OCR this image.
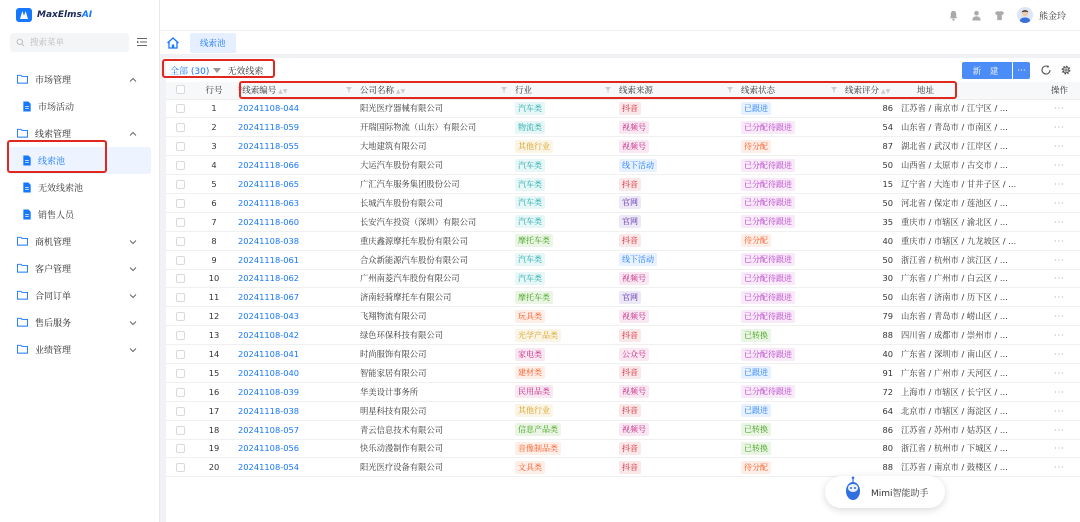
MaxElmsAI
搜索菜单
市场管理
市场活动
线索管理
线索池
无效线索池
销售人员
商机管理
客户管理
合同订单
售后服务
业绩管理
熊金玲
线索池
全部 (30) 无效线索	新 建	···
	行号	*线索编号 ▲▼	公司名称 ▲▼	行业	线索来源	线索状态	线索评分 ▲▼	地址	操作
	1	20241108-044	阳光医疗器械有限公司	汽车类	抖音	已跟进	86	江苏省 / 南京市 / 江宁区 / ...	···
	2	20241118-059	开瑞国际物流（山东）有限公司	物流类	视频号	已分配待跟进	54	山东省 / 青岛市 / 市南区 / ...	···
	3	20241118-055	大地建筑有限公司	其他行业	视频号	待分配	87	湖北省 / 武汉市 / 江岸区 / ...	···
	4	20241118-066	大运汽车股份有限公司	汽车类	线下活动	已分配待跟进	50	山西省 / 太原市 / 古交市 / ...	···
	5	20241118-065	广汇汽车服务集团股份公司	汽车类	抖音	已分配待跟进	15	辽宁省 / 大连市 / 甘井子区 / ...	···
	6	20241118-063	长城汽车股份有限公司	汽车类	官网	已分配待跟进	50	河北省 / 保定市 / 莲池区 / ...	···
	7	20241118-060	长安汽车投资（深圳）有限公司	汽车类	官网	已分配待跟进	35	重庆市 / 市辖区 / 渝北区 / ...	···
	8	20241108-038	重庆鑫源摩托车股份有限公司	摩托车类	抖音	待分配	40	重庆市 / 市辖区 / 九龙坡区 / ...	···
	9	20241118-061	合众新能源汽车股份有限公司	汽车类	线下活动	已分配待跟进	50	浙江省 / 杭州市 / 滨江区 / ...	···
	10	20241118-062	广州南菱汽车股份有限公司	汽车类	视频号	已分配待跟进	30	广东省 / 广州市 / 白云区 / ...	···
	11	20241118-067	济南轻骑摩托车有限公司	摩托车类	官网	已分配待跟进	50	山东省 / 济南市 / 历下区 / ...	···
	12	20241108-043	飞翔物流有限公司	玩具类	视频号	已分配待跟进	79	山东省 / 青岛市 / 崂山区 / ...	···
	13	20241108-042	绿色环保科技有限公司	光学产品类	抖音	已转换	88	四川省 / 成都市 / 崇州市 / ...	···
	14	20241108-041	时尚服饰有限公司	家电类	公众号	已分配待跟进	40	广东省 / 深圳市 / 南山区 / ...	···
	15	20241108-040	智能家居有限公司	建材类	抖音	已跟进	91	广东省 / 广州市 / 天河区 / ...	···
	16	20241108-039	华美设计事务所	民用品类	视频号	已分配待跟进	72	上海市 / 市辖区 / 长宁区 / ...	···
	17	20241118-038	明星科技有限公司	其他行业	抖音	已跟进	64	北京市 / 市辖区 / 海淀区 / ...	···
	18	20241108-057	青云信息技术有限公司	信息产品类	视频号	已转换	86	江苏省 / 苏州市 / 姑苏区 / ...	···
	19	20241108-056	快乐动漫制作有限公司	音像制品类	抖音	已转换	80	浙江省 / 杭州市 / 下城区 / ...	···
	20	20241108-054	阳光医疗设备有限公司	文具类	抖音	待分配	88	江苏省 / 南京市 / 鼓楼区 / ...	···
Mimi智能助手
